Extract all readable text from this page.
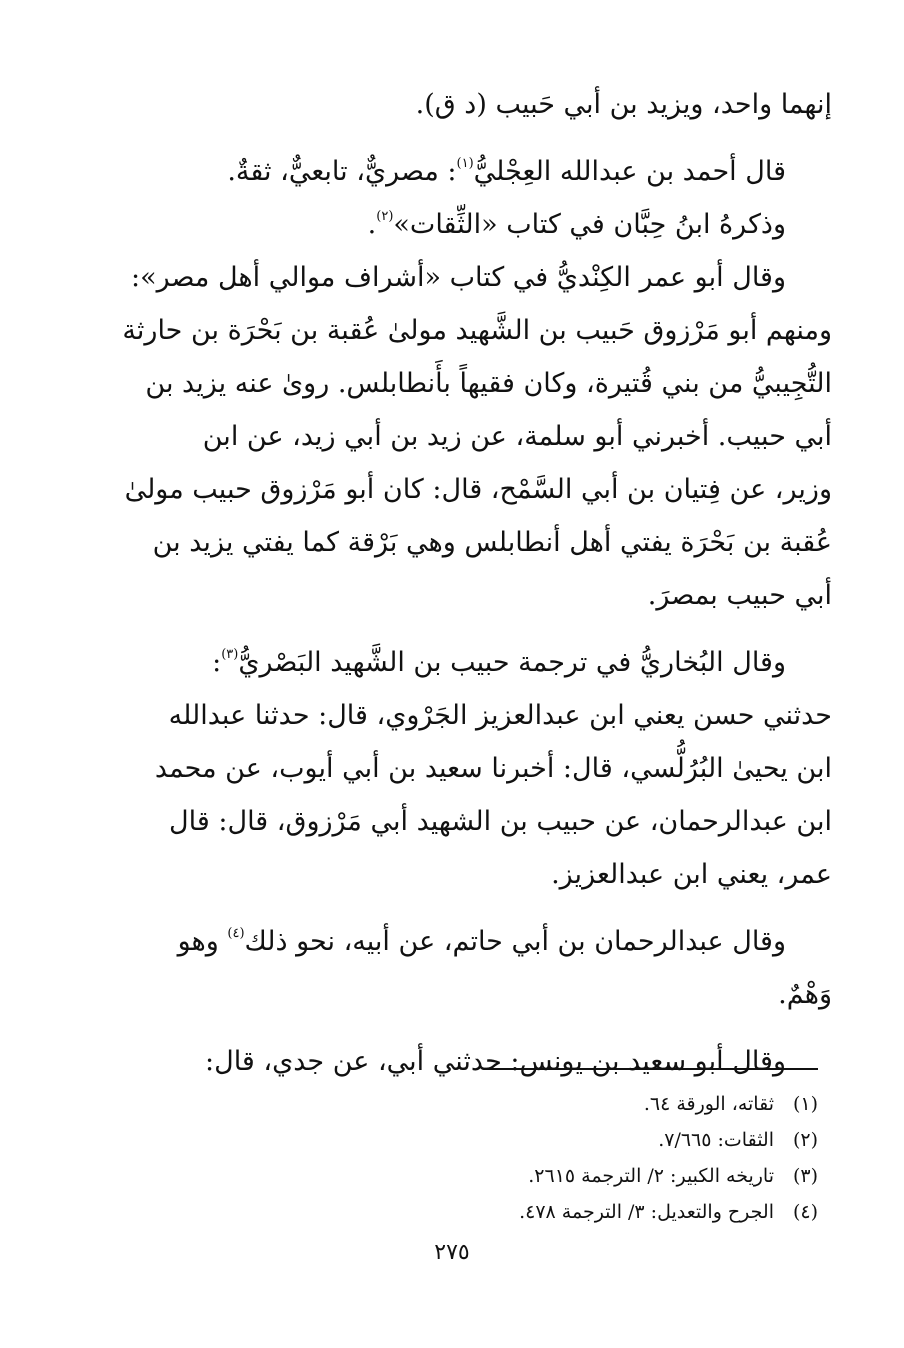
إنهما واحد، ويزيد بن أبي حَبيب (د ق).
قال أحمد بن عبدالله العِجْليُّ$^{(١)}$: مصريٌّ، تابعيٌّ، ثقةٌ.
وذكرهُ ابنُ حِبَّان في كتاب «الثِّقات»$^{(٢)}$.
وقال أبو عمر الكِنْديُّ في كتاب «أشراف موالي أهل مصر»:
ومنهم أبو مَرْزوق حَبيب بن الشَّهيد مولىٰ عُقبة بن بَحْرَة بن حارثة
التُّجِيبيُّ من بني قُتيرة، وكان فقيهاً بأَنطابلس. روىٰ عنه يزيد بن
أبي حبيب. أخبرني أبو سلمة، عن زيد بن أبي زيد، عن ابن
وزير، عن فِتيان بن أبي السَّمْح، قال: كان أبو مَرْزوق حبيب مولىٰ
عُقبة بن بَحْرَة يفتي أهل أنطابلس وهي بَرْقة كما يفتي يزيد بن
أبي حبيب بمصرَ.
وقال البُخاريُّ في ترجمة حبيب بن الشَّهيد البَصْريُّ$^{(٣)}$:
حدثني حسن يعني ابن عبدالعزيز الجَرْوي، قال: حدثنا عبدالله
ابن يحيىٰ البُرُلُّسي، قال: أخبرنا سعيد بن أبي أيوب، عن محمد
ابن عبدالرحمان، عن حبيب بن الشهيد أبي مَرْزوق، قال: قال
عمر، يعني ابن عبدالعزيز.
وقال عبدالرحمان بن أبي حاتم، عن أبيه، نحو ذلك$^{(٤)}$ وهو
وَهْمٌ.
وقال أبو سعيد بن يونس: حدثني أبي، عن جدي، قال:
(١)ثقاته، الورقة ٦٤.
(٢)الثقات: ٧/٦٦٥.
(٣)تاريخه الكبير: ٢/ الترجمة ٢٦١٥.
(٤)الجرح والتعديل: ٣/ الترجمة ٤٧٨.
٢٧٥
